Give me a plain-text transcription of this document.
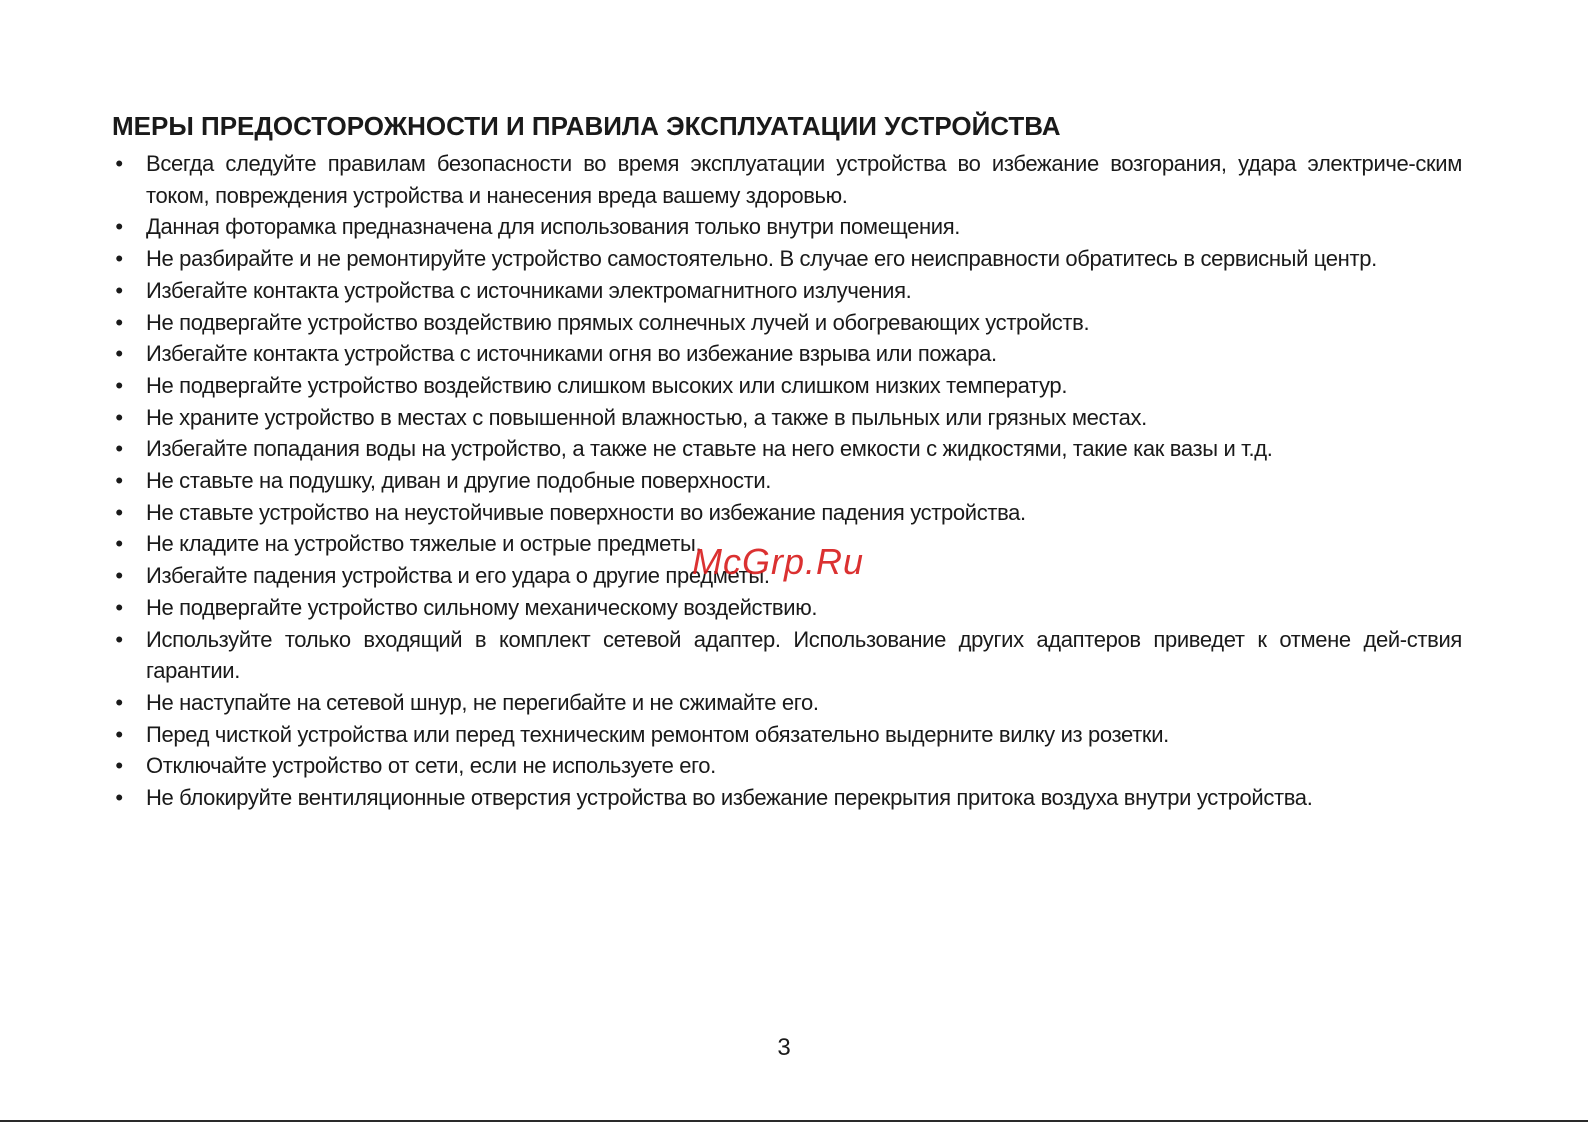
МЕРЫ ПРЕДОСТОРОЖНОСТИ И ПРАВИЛА ЭКСПЛУАТАЦИИ УСТРОЙСТВА
• Всегда следуйте правилам безопасности во время эксплуатации устройства во избежание возгорания, удара электриче-ским током, повреждения устройства и нанесения вреда вашему здоровью.
• Данная фоторамка предназначена для использования только внутри помещения.
• Не разбирайте и не ремонтируйте устройство самостоятельно. В случае его неисправности обратитесь в сервисный центр.
• Избегайте контакта устройства с источниками электромагнитного излучения.
• Не подвергайте устройство воздействию прямых солнечных лучей и обогревающих устройств.
• Избегайте контакта устройства с источниками огня во избежание взрыва или пожара.
• Не подвергайте устройство воздействию слишком высоких или слишком низких температур.
• Не храните устройство в местах с повышенной влажностью, а также в пыльных или грязных местах.
• Избегайте попадания воды на устройство, а также не ставьте на него емкости с жидкостями, такие как вазы и т.д.
• Не ставьте на подушку, диван и другие подобные поверхности.
• Не ставьте устройство на неустойчивые поверхности во избежание падения устройства.
• Не кладите на устройство тяжелые и острые предметы.
• Избегайте падения устройства и его удара о другие предметы.
• Не подвергайте устройство сильному механическому воздействию.
• Используйте только входящий в комплект сетевой адаптер. Использование других адаптеров приведет к отмене дей-ствия гарантии.
• Не наступайте на сетевой шнур, не перегибайте и не сжимайте его.
• Перед чисткой устройства или перед техническим ремонтом обязательно выдерните вилку из розетки.
• Отключайте устройство от сети, если не используете его.
• Не блокируйте вентиляционные отверстия устройства во избежание перекрытия притока воздуха внутри устройства.
McGrp.Ru
3
